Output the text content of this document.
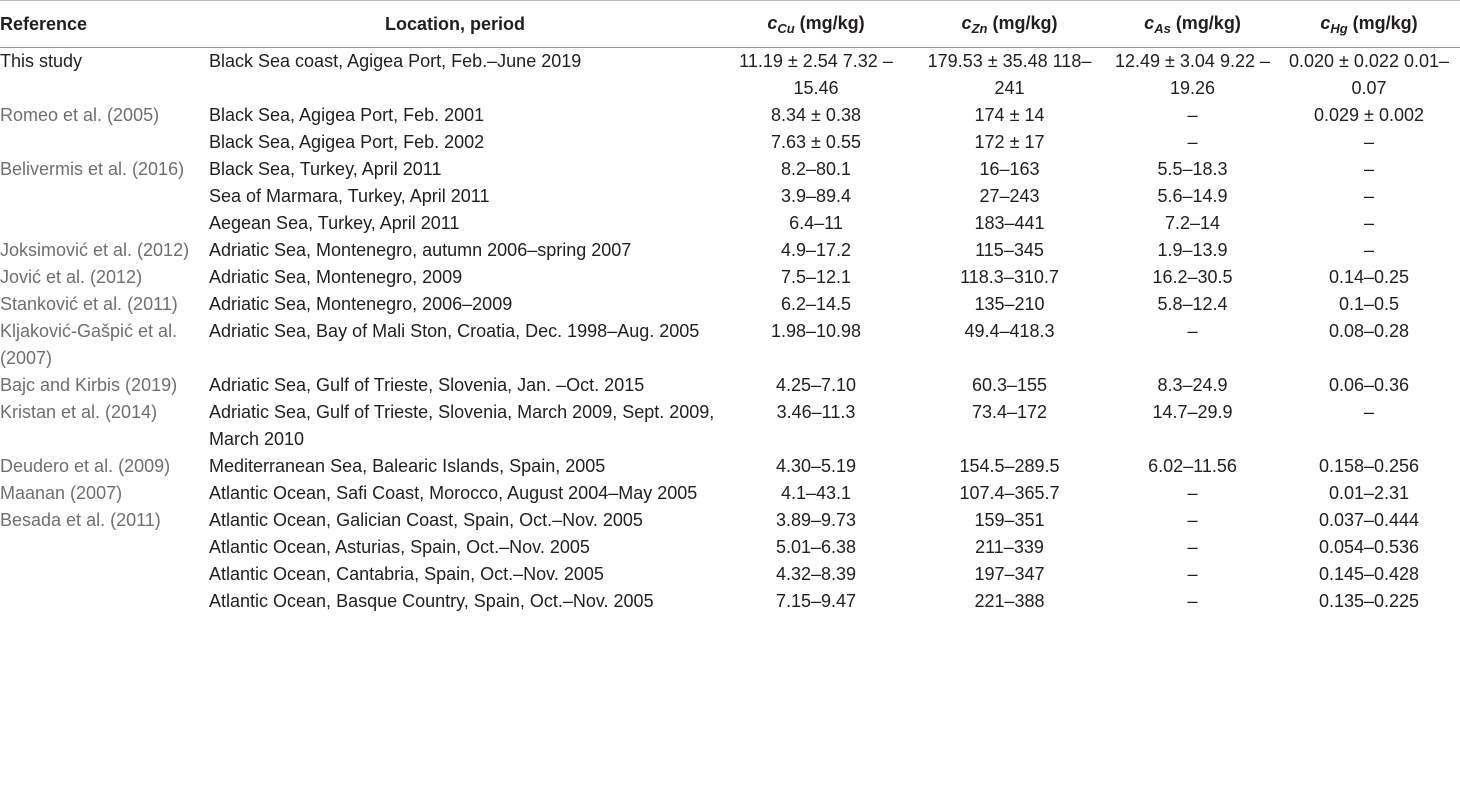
Reference	Location, period	$c_{Cu}$ (mg/kg)	$c_{Zn}$ (mg/kg)	$c_{As}$ (mg/kg)	$c_{Hg}$ (mg/kg)
This study	Black Sea coast, Agigea Port, Feb.–June 2019	11.19 ± 2.54 7.32 –15.46	179.53 ± 35.48 118–241	12.49 ± 3.04 9.22 –19.26	0.020 ± 0.022 0.01–0.07
Romeo et al. (2005)	Black Sea, Agigea Port, Feb. 2001	8.34 ± 0.38	174 ± 14	–	0.029 ± 0.002
	Black Sea, Agigea Port, Feb. 2002	7.63 ± 0.55	172 ± 17	–	–
Belivermis et al. (2016)	Black Sea, Turkey, April 2011	8.2–80.1	16–163	5.5–18.3	–
	Sea of Marmara, Turkey, April 2011	3.9–89.4	27–243	5.6–14.9	–
	Aegean Sea, Turkey, April 2011	6.4–11	183–441	7.2–14	–
Joksimović et al. (2012)	Adriatic Sea, Montenegro, autumn 2006–spring 2007	4.9–17.2	115–345	1.9–13.9	–
Jović et al. (2012)	Adriatic Sea, Montenegro, 2009	7.5–12.1	118.3–310.7	16.2–30.5	0.14–0.25
Stanković et al. (2011)	Adriatic Sea, Montenegro, 2006–2009	6.2–14.5	135–210	5.8–12.4	0.1–0.5
Kljaković-Gašpić et al. (2007)	Adriatic Sea, Bay of Mali Ston, Croatia, Dec. 1998–Aug. 2005	1.98–10.98	49.4–418.3	–	0.08–0.28
Bajc and Kirbis (2019)	Adriatic Sea, Gulf of Trieste, Slovenia, Jan. –Oct. 2015	4.25–7.10	60.3–155	8.3–24.9	0.06–0.36
Kristan et al. (2014)	Adriatic Sea, Gulf of Trieste, Slovenia, March 2009, Sept. 2009, March 2010	3.46–11.3	73.4–172	14.7–29.9	–
Deudero et al. (2009)	Mediterranean Sea, Balearic Islands, Spain, 2005	4.30–5.19	154.5–289.5	6.02–11.56	0.158–0.256
Maanan (2007)	Atlantic Ocean, Safi Coast, Morocco, August 2004–May 2005	4.1–43.1	107.4–365.7	–	0.01–2.31
Besada et al. (2011)	Atlantic Ocean, Galician Coast, Spain, Oct.–Nov. 2005	3.89–9.73	159–351	–	0.037–0.444
	Atlantic Ocean, Asturias, Spain, Oct.–Nov. 2005	5.01–6.38	211–339	–	0.054–0.536
	Atlantic Ocean, Cantabria, Spain, Oct.–Nov. 2005	4.32–8.39	197–347	–	0.145–0.428
	Atlantic Ocean, Basque Country, Spain, Oct.–Nov. 2005	7.15–9.47	221–388	–	0.135–0.225
